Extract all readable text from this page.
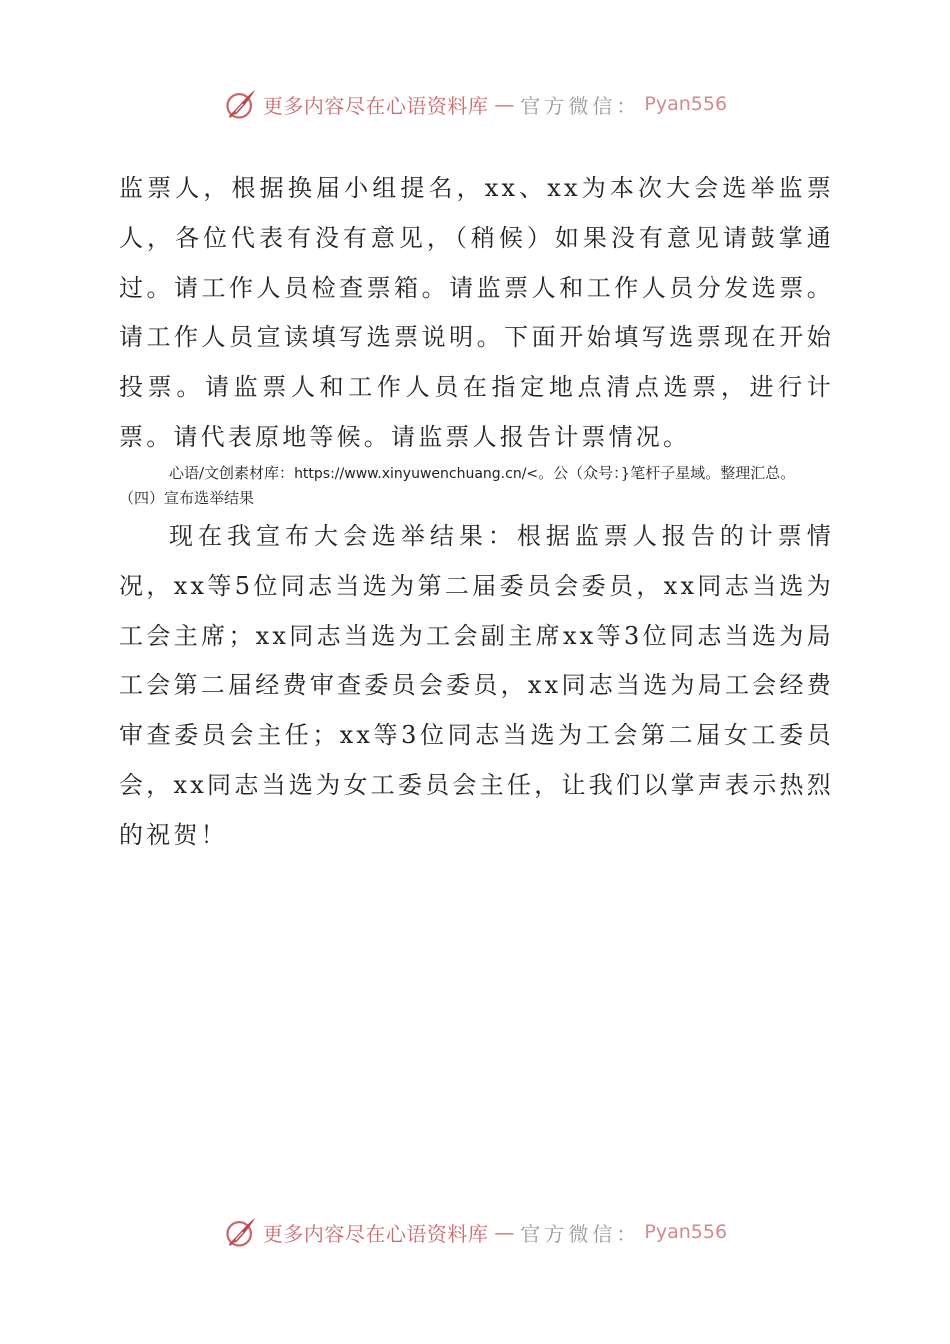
更多内容尽在心语资料库 — 官方微信： Pyan556

监票人，根据换届小组提名，xx、xx为本次大会选举监票人，各位代表有没有意见，（稍候）如果没有意见请鼓掌通过。请工作人员检查票箱。请监票人和工作人员分发选票。请工作人员宣读填写选票说明。下面开始填写选票现在开始投票。请监票人和工作人员在指定地点清点选票，进行计票。请代表原地等候。请监票人报告计票情况。

心语/文创素材库：https://www.xinyuwenchuang.cn/<。公（众号：}笔杆子星域。整理汇总。
（四）宣布选举结果

现在我宣布大会选举结果：根据监票人报告的计票情况，xx等5位同志当选为第二届委员会委员，xx同志当选为工会主席；xx同志当选为工会副主席xx等3位同志当选为局工会第二届经费审查委员会委员，xx同志当选为局工会经费审查委员会主任；xx等3位同志当选为工会第二届女工委员会，xx同志当选为女工委员会主任，让我们以掌声表示热烈的祝贺！

更多内容尽在心语资料库 — 官方微信： Pyan556
